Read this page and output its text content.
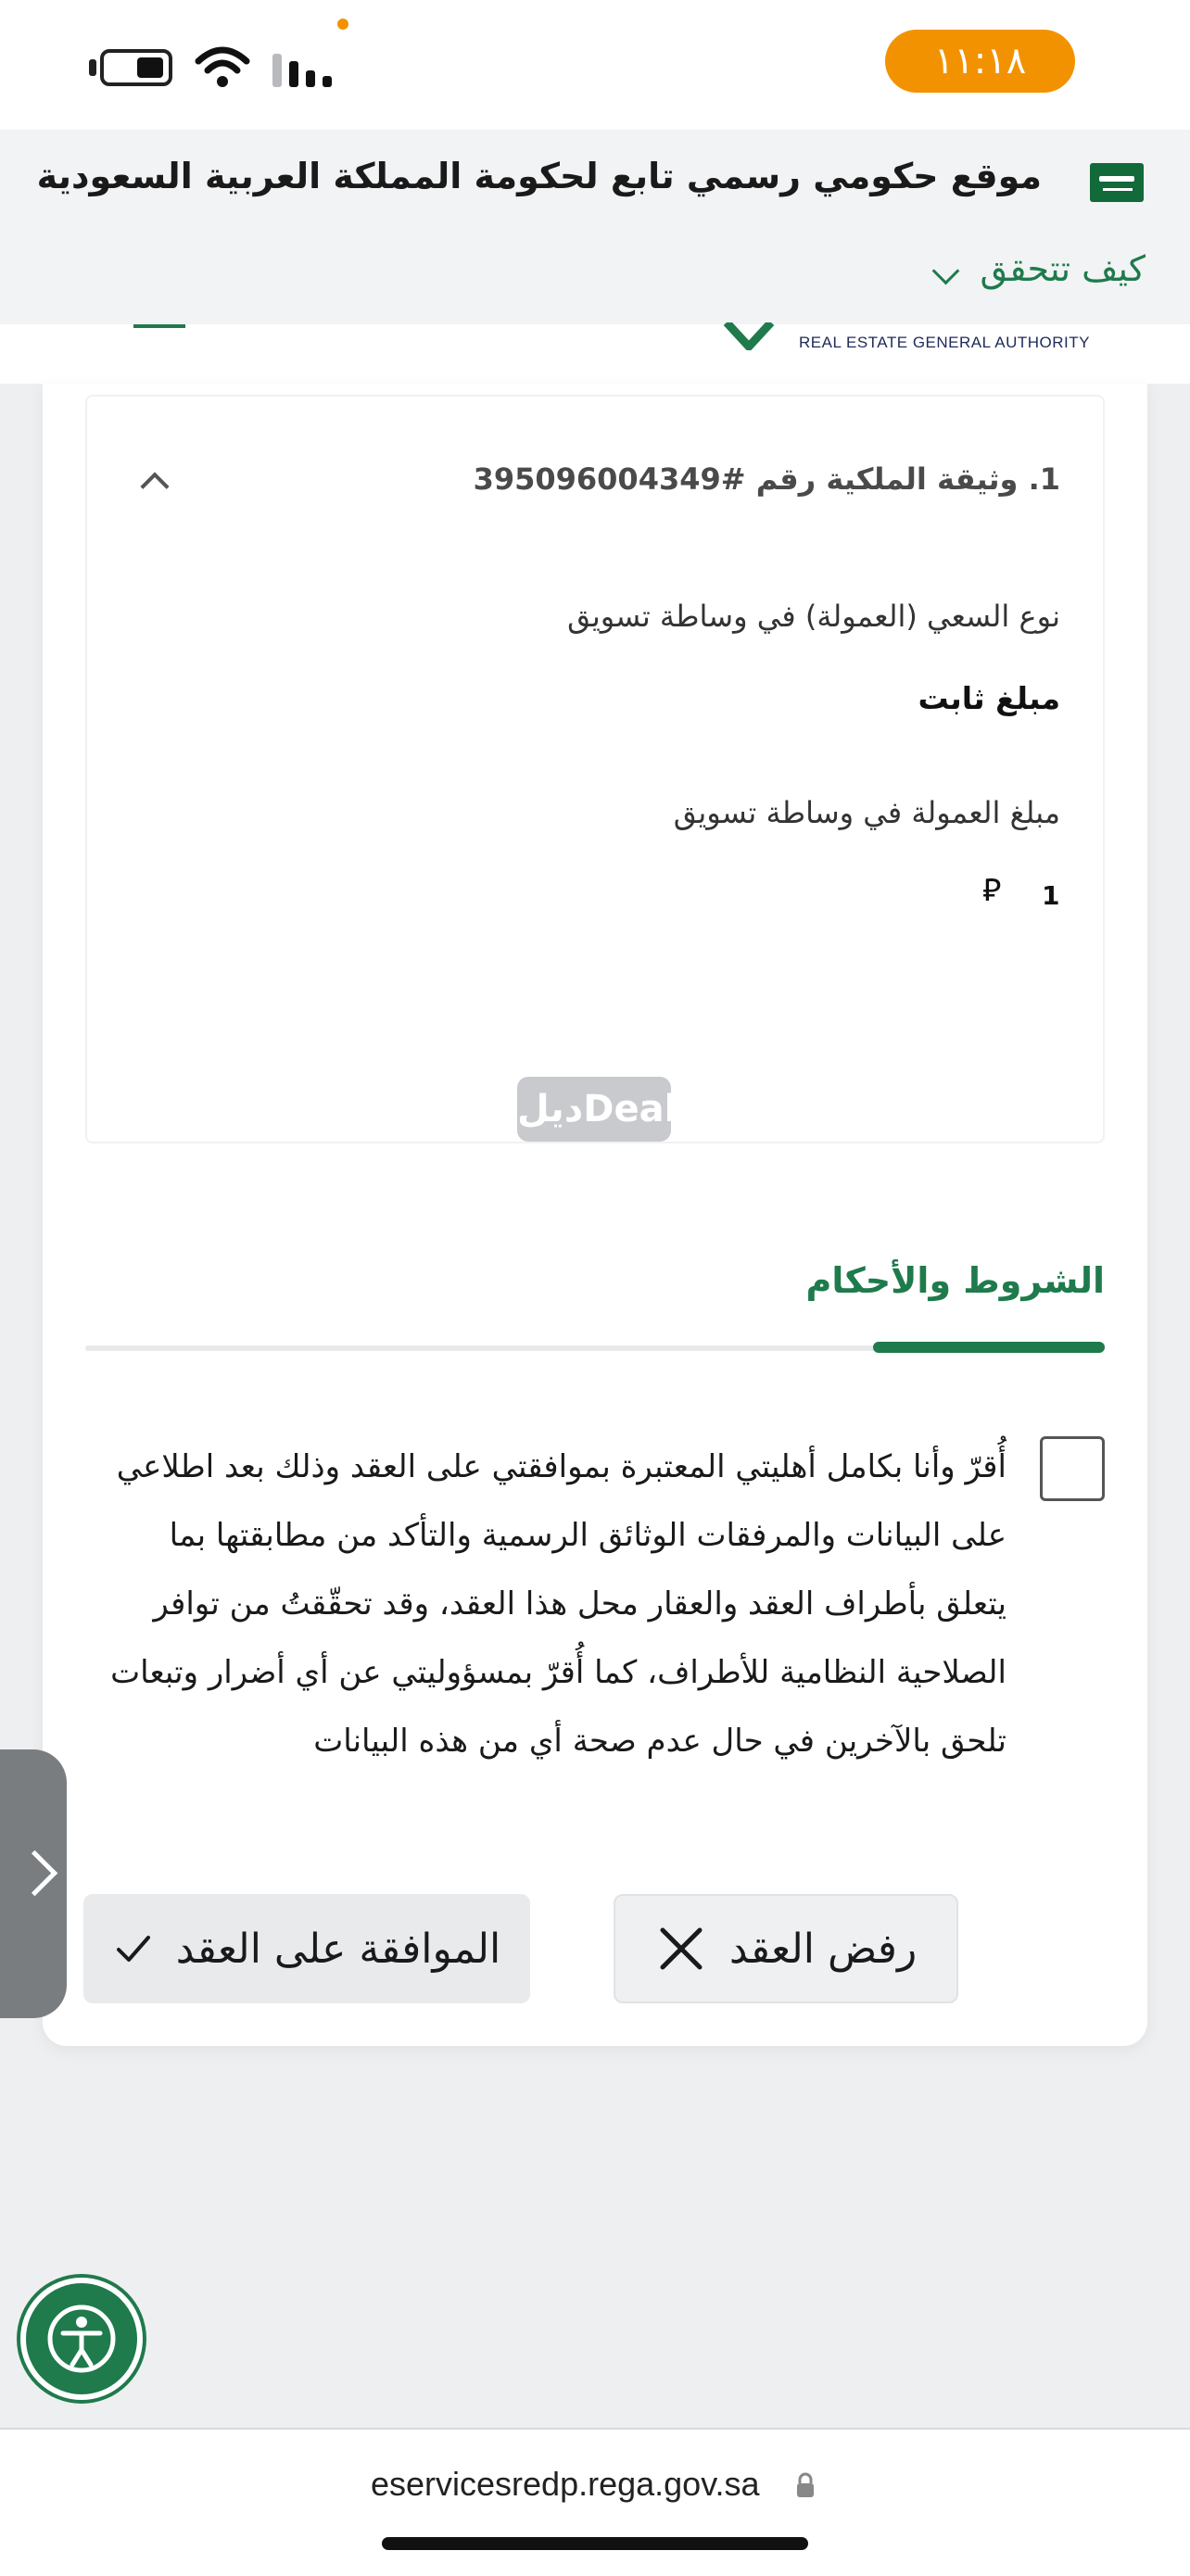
١١:١٨
موقع حكومي رسمي تابع لحكومة المملكة العربية السعودية
كيف تتحقق
REAL ESTATE GENERAL AUTHORITY
1. وثيقة الملكية رقم #395096004349
نوع السعي (العمولة) في وساطة تسويق
مبلغ ثابت
مبلغ العمولة في وساطة تسويق
1
⃁
ديلDeal
الشروط والأحكام
أُقرّ وأنا بكامل أهليتي المعتبرة بموافقتي على العقد وذلك بعد اطلاعي على البيانات والمرفقات الوثائق الرسمية والتأكد من مطابقتها بما يتعلق بأطراف العقد والعقار محل هذا العقد، وقد تحقّقتُ من توافر الصلاحية النظامية للأطراف، كما أُقرّ بمسؤوليتي عن أي أضرار وتبعات تلحق بالآخرين في حال عدم صحة أي من هذه البيانات
الموافقة على العقد	رفض العقد
eservicesredp.rega.gov.sa
